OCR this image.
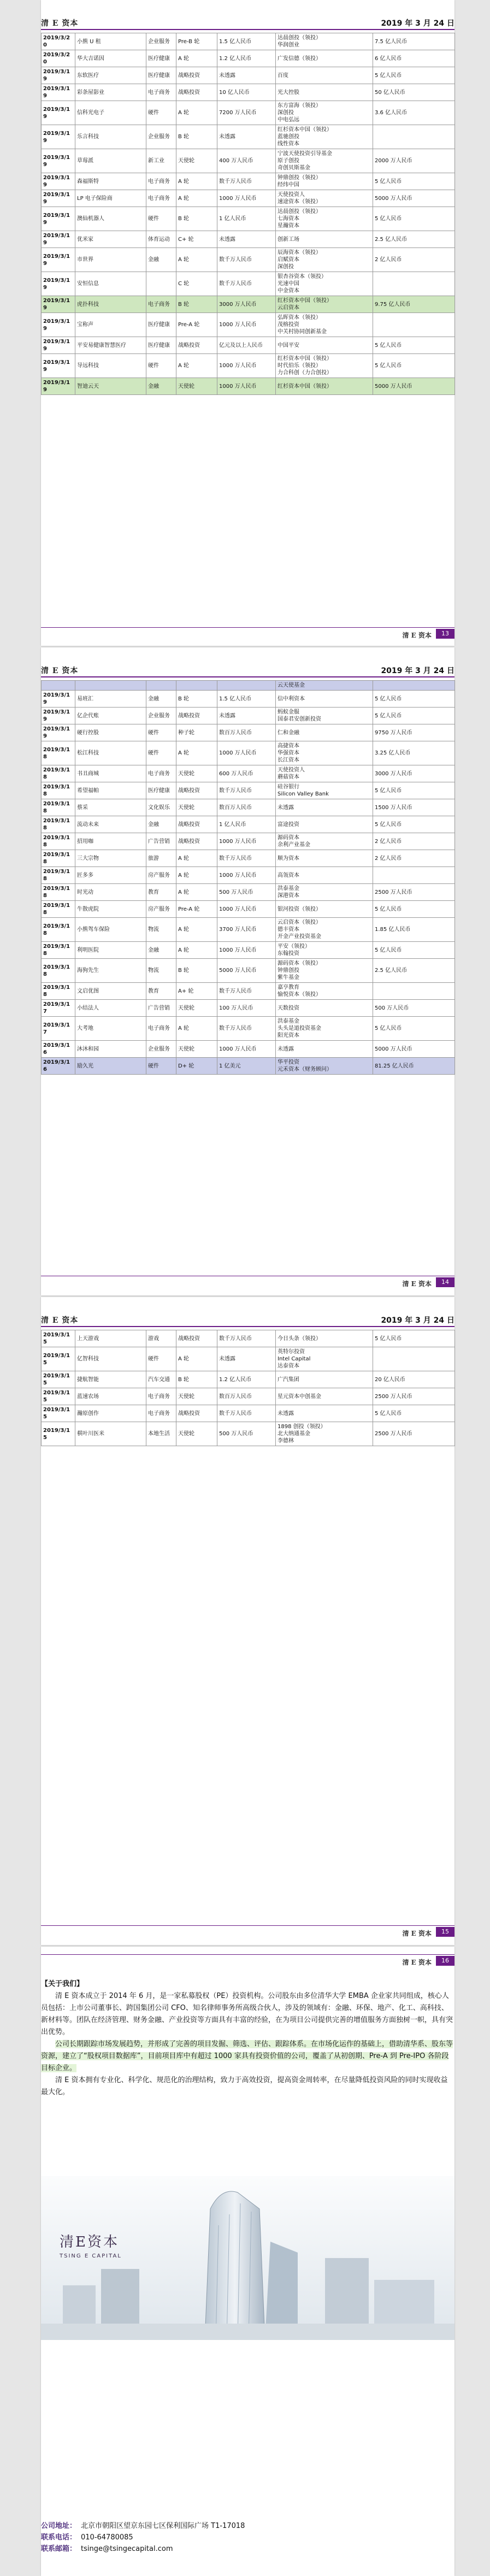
清 E 资本	2019 年 3 月 24 日
2019/3/20	小熊 U 租	企业服务	Pre-B 轮	1.5 亿人民币	达晨创投（领投）
华润创业	7.5 亿人民币
2019/3/20	华大吉诺因	医疗健康	A 轮	1.2 亿人民币	广发信德（领投）	6 亿人民币
2019/3/19	东软医疗	医疗健康	战略投资	未透露	百度	5 亿人民币
2019/3/19	彩条屋影业	电子商务	战略投资	10 亿人民币	光大控股	50 亿人民币
2019/3/19	信科光电子	硬件	A 轮	7200 万人民币	东方富海（领投）
深创投
中电弘远	3.6 亿人民币
2019/3/19	乐言科技	企业服务	B 轮	未透露	红杉资本中国（领投）
蓝驰创投
线性资本	
2019/3/19	草莓派	新工业	天使轮	400 万人民币	宁波天使投资引导基金
原子创投
奇创贝斯基金	2000 万人民币
2019/3/19	森福斯特	电子商务	A 轮	数千万人民币	钟鼎创投（领投）
经纬中国	5 亿人民币
2019/3/19	LP 电子保险商	电子商务	A 轮	1000 万人民币	天使投资人
速途资本（领投）	5000 万人民币
2019/3/19	澳仙机器人	硬件	B 轮	1 亿人民币	达晨创投（领投）
七海资本
星瀚资本	5 亿人民币
2019/3/19	优米家	体育运动	C+ 轮	未透露	创新工场	2.5 亿人民币
2019/3/19	市世界	金融	A 轮	数千万人民币	辰海资本（领投）
启赋资本
深创投	2 亿人民币
2019/3/19	安恒信息		C 轮	数千万人民币	银杏谷资本（领投）
光速中国
中金资本	
2019/3/19	虎扑科技	电子商务	B 轮	3000 万人民币	红杉资本中国（领投）
云启资本	9.75 亿人民币
2019/3/19	宝称声	医疗健康	Pre-A 轮	1000 万人民币	弘晖资本（领投）
茂榕投资
中关村协同创新基金	
2019/3/19	平安易健康智慧医疗	医疗健康	战略投资	亿元及以上人民币	中国平安	5 亿人民币
2019/3/19	导远科技	硬件	A 轮	1000 万人民币	红杉资本中国（领投）
时代伯乐（领投）
力合科创（力合创投）	5 亿人民币
2019/3/19	智迪云天	金融	天使轮	1000 万人民币	红杉资本中国（领投）	5000 万人民币
清 E 资本	13
清 E 资本	2019 年 3 月 24 日
					云天使基金	
2019/3/19	易班汇	金融	B 轮	1.5 亿人民币	信中利资本	5 亿人民币
2019/3/19	亿企代账	企业服务	战略投资	未透露	蚂蚁金服
国泰君安创新投资	5 亿人民币
2019/3/19	硬行控股	硬件	种子轮	数百万人民币	仁和金融	9750 万人民币
2019/3/18	松江科技	硬件	A 轮	1000 万人民币	高捷资本
华强资本
长江资本	3.25 亿人民币
2019/3/18	书丑商城	电子商务	天使轮	600 万人民币	天使投资人
蘑菇资本	3000 万人民币
2019/3/18	希望福帕	医疗健康	战略投资	数千万人民币	硅谷银行
Silicon Valley Bank	5 亿人民币
2019/3/18	蔡采	文化娱乐	天使轮	数百万人民币	未透露	1500 万人民币
2019/3/18	流动未来	金融	战略投资	1 亿人民币	富途投资	5 亿人民币
2019/3/18	招用咖	广告营销	战略投资	1000 万人民币	源码资本
余利产业基金	2 亿人民币
2019/3/18	三大宗物	旅游	A 轮	数千万人民币	顺为资本	2 亿人民币
2019/3/18	匠多多	房产服务	A 轮	1000 万人民币	高瓴资本	
2019/3/18	时光动	教育	A 轮	500 万人民币	洪泰基金
深港资本	2500 万人民币
2019/3/18	牛散虎院	房产服务	Pre-A 轮	1000 万人民币	银河投资（领投）	5 亿人民币
2019/3/18	小熊驾车保险	物流	A 轮	3700 万人民币	云启资本（领投）
德丰资本
开金产业投资基金	1.85 亿人民币
2019/3/18	利明医院	金融	A 轮	1000 万人民币	平安（领投）
东翰投资	5 亿人民币
2019/3/18	海狗先生	物流	B 轮	5000 万人民币	源码资本（领投）
钟鼎创投
紫牛基金	2.5 亿人民币
2019/3/18	文启优图	教育	A+ 轮	数千万人民币	嘉亨教育
愉悦资本（领投）	
2019/3/17	小结法人	广告营销	天使轮	100 万人民币	天数投资	500 万人民币
2019/3/17	大考地	电子商务	A 轮	数千万人民币	洪泰基金
头头是道投资基金
阳光资本	5 亿人民币
2019/3/16	沐沐和园	企业服务	天使轮	1000 万人民币	未透露	5000 万人民币
2019/3/16	励久光	硬件	D+ 轮	1 亿美元	华平投资
元禾资本（财务顾问）	81.25 亿人民币
清 E 资本	14
清 E 资本	2019 年 3 月 24 日
2019/3/15	上天游戏	游戏	战略投资	数千万人民币	今日头条（领投）	5 亿人民币
2019/3/15	亿智科技	硬件	A 轮	未透露	英特尔投资
Intel Capital
达泰资本	
2019/3/15	捷航智能	汽车交通	B 轮	1.2 亿人民币	广汽集团	20 亿人民币
2019/3/15	蓝速农场	电子商务	天使轮	数百万人民币	星元资本中创基金	2500 万人民币
2019/3/15	瀚原创作	电子商务	战略投资	数千万人民币	未透露	5 亿人民币
2019/3/15	棋叶川医米	本地生活	天使轮	500 万人民币	1898 创投（领投）
北大纳通基金
李德林	2500 万人民币
清 E 资本	15
清 E 资本	16
【关于我们】

清 E 资本成立于 2014 年 6 月，是一家私募股权（PE）投资机构。公司股东由多位清华大学 EMBA 企业家共同组成，核心人员包括：上市公司董事长、跨国集团公司 CFO、知名律师事务所高级合伙人，涉及的领域有：金融、环保、地产、化工、高科技、新材料等。团队在经济管理、财务金融、产业投资等方面具有丰富的经验，在为项目公司提供完善的增值服务方面独树一帜，具有突出优势。

公司长期跟踪市场发展趋势，并形成了完善的项目发掘、筛选、评估、跟踪体系。在市场化运作的基础上，借助清华系、股东等资源，建立了“股权项目数据库”，目前项目库中有超过 1000 家具有投资价值的公司，覆盖了从初创期、Pre-A 到 Pre-IPO 各阶段目标企业。

清 E 资本拥有专业化、科学化、规范化的治理结构，致力于高效投资，提高资金周转率，在尽量降低投资风险的同时实现收益最大化。

清E资本
TSING E CAPITAL
公司地址： 北京市朝阳区望京东园七区保利国际广场 T1-17018
联系电话： 010-64780085
联系邮箱： tsinge@tsingecapital.com
